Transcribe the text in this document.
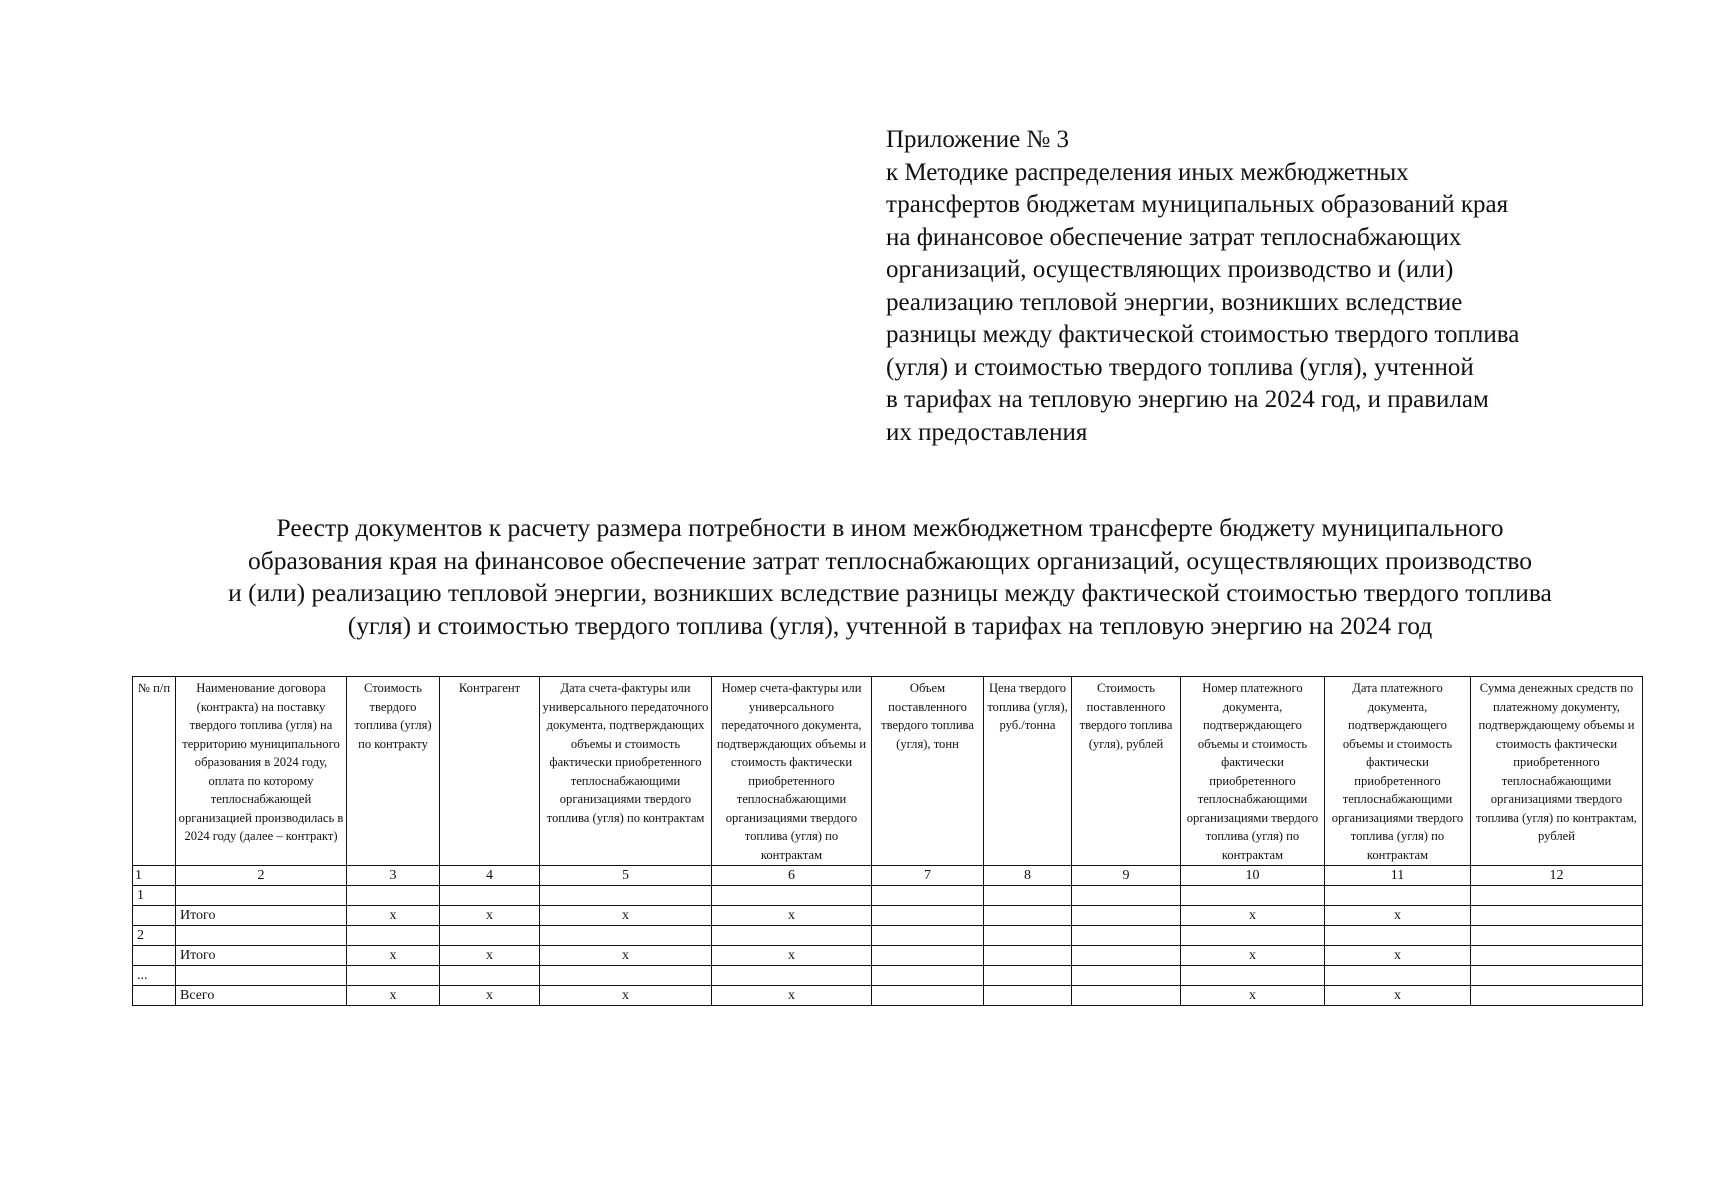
Приложение № 3
к Методике распределения иных межбюджетных
трансфертов бюджетам муниципальных образований края
на финансовое обеспечение затрат теплоснабжающих
организаций, осуществляющих производство и (или)
реализацию тепловой энергии, возникших вследствие
разницы между фактической стоимостью твердого топлива
(угля) и стоимостью твердого топлива (угля), учтенной
в тарифах на тепловую энергию на 2024 год, и правилам
их предоставления
Реестр документов к расчету размера потребности в ином межбюджетном трансферте бюджету муниципального
образования края на финансовое обеспечение затрат теплоснабжающих организаций, осуществляющих производство
и (или) реализацию тепловой энергии, возникших вследствие разницы между фактической стоимостью твердого топлива
(угля) и стоимостью твердого топлива (угля), учтенной в тарифах на тепловую энергию на 2024 год
№ п/п	Наименование договора (контракта) на поставку твердого топлива (угля) на территорию муниципального образования в 2024 году, оплата по которому теплоснабжающей организацией производилась в 2024 году (далее – контракт)	Стоимость твердого топлива (угля) по контракту	Контрагент	Дата счета-фактуры или универсального передаточного документа, подтверждающих объемы и стоимость фактически приобретенного теплоснабжающими организациями твердого топлива (угля) по контрактам	Номер счета-фактуры или универсального передаточного документа, подтверждающих объемы и стоимость фактически приобретенного теплоснабжающими организациями твердого топлива (угля) по контрактам	Объем поставленного твердого топлива (угля), тонн	Цена твердого топлива (угля), руб./тонна	Стоимость поставленного твердого топлива (угля), рублей	Номер платежного документа, подтверждающего объемы и стоимость фактически приобретенного теплоснабжающими организациями твердого топлива (угля) по контрактам	Дата платежного документа, подтверждающего объемы и стоимость фактически приобретенного теплоснабжающими организациями твердого топлива (угля) по контрактам	Сумма денежных средств по платежному документу, подтверждающему объемы и стоимость фактически приобретенного теплоснабжающими организациями твердого топлива (угля) по контрактам, рублей
1	2	3	4	5	6	7	8	9	10	11	12
1											
	Итого	x	x	x	x				x	x	
2											
	Итого	x	x	x	x				x	x	
...											
	Всего	x	x	x	x				x	x	
